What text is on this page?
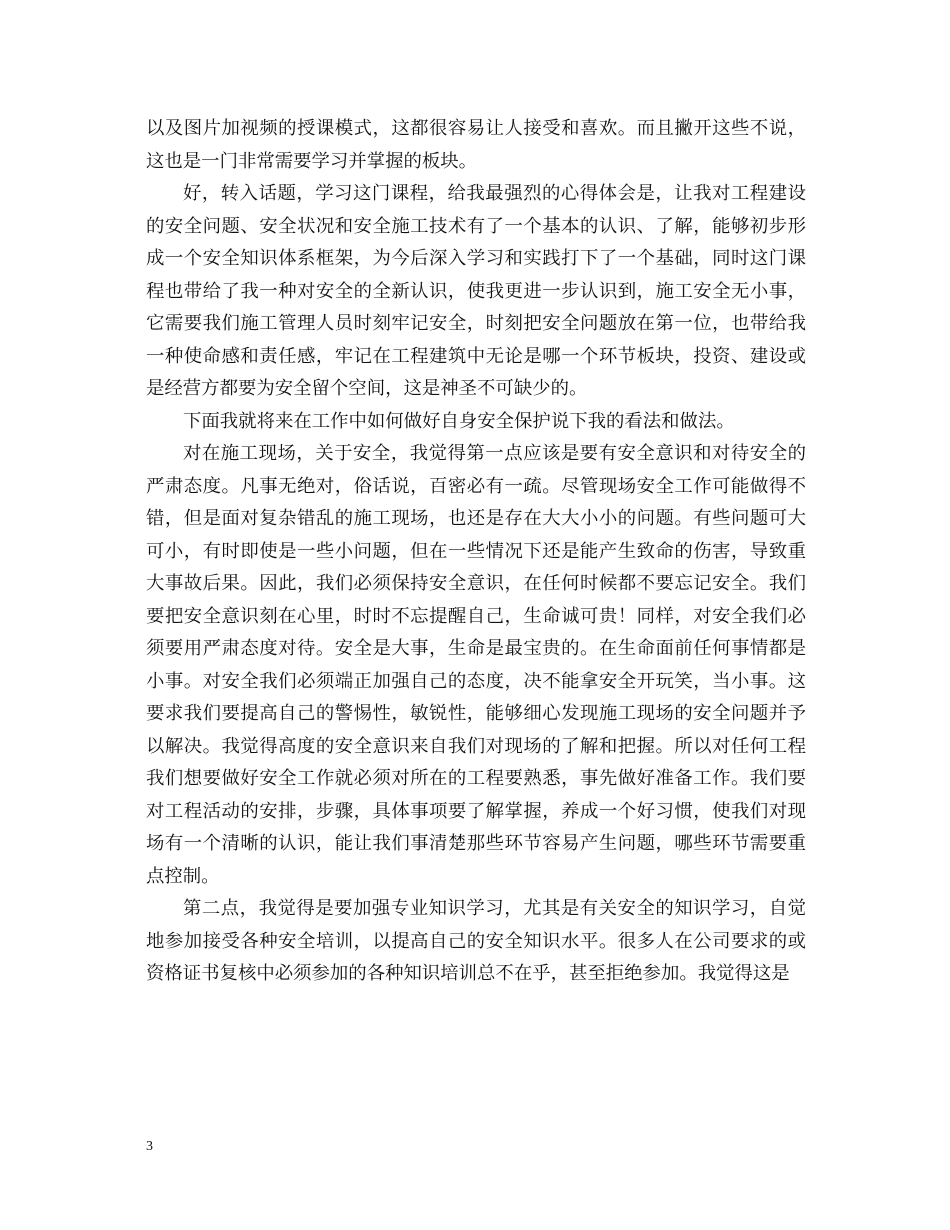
以及图片加视频的授课模式，这都很容易让人接受和喜欢。而且撇开这些不说，这也是一门非常需要学习并掌握的板块。

好，转入话题，学习这门课程，给我最强烈的心得体会是，让我对工程建设的安全问题、安全状况和安全施工技术有了一个基本的认识、了解，能够初步形成一个安全知识体系框架，为今后深入学习和实践打下了一个基础，同时这门课程也带给了我一种对安全的全新认识，使我更进一步认识到，施工安全无小事，它需要我们施工管理人员时刻牢记安全，时刻把安全问题放在第一位，也带给我一种使命感和责任感，牢记在工程建筑中无论是哪一个环节板块，投资、建设或是经营方都要为安全留个空间，这是神圣不可缺少的。

下面我就将来在工作中如何做好自身安全保护说下我的看法和做法。

对在施工现场，关于安全，我觉得第一点应该是要有安全意识和对待安全的严肃态度。凡事无绝对，俗话说，百密必有一疏。尽管现场安全工作可能做得不错，但是面对复杂错乱的施工现场，也还是存在大大小小的问题。有些问题可大可小，有时即使是一些小问题，但在一些情况下还是能产生致命的伤害，导致重大事故后果。因此，我们必须保持安全意识，在任何时候都不要忘记安全。我们要把安全意识刻在心里，时时不忘提醒自己，生命诚可贵！同样，对安全我们必须要用严肃态度对待。安全是大事，生命是最宝贵的。在生命面前任何事情都是小事。对安全我们必须端正加强自己的态度，决不能拿安全开玩笑，当小事。这要求我们要提高自己的警惕性，敏锐性，能够细心发现施工现场的安全问题并予以解决。我觉得高度的安全意识来自我们对现场的了解和把握。所以对任何工程我们想要做好安全工作就必须对所在的工程要熟悉，事先做好准备工作。我们要对工程活动的安排，步骤，具体事项要了解掌握，养成一个好习惯，使我们对现场有一个清晰的认识，能让我们事清楚那些环节容易产生问题，哪些环节需要重点控制。

第二点，我觉得是要加强专业知识学习，尤其是有关安全的知识学习，自觉地参加接受各种安全培训，以提高自己的安全知识水平。很多人在公司要求的或资格证书复核中必须参加的各种知识培训总不在乎，甚至拒绝参加。我觉得这是

3
